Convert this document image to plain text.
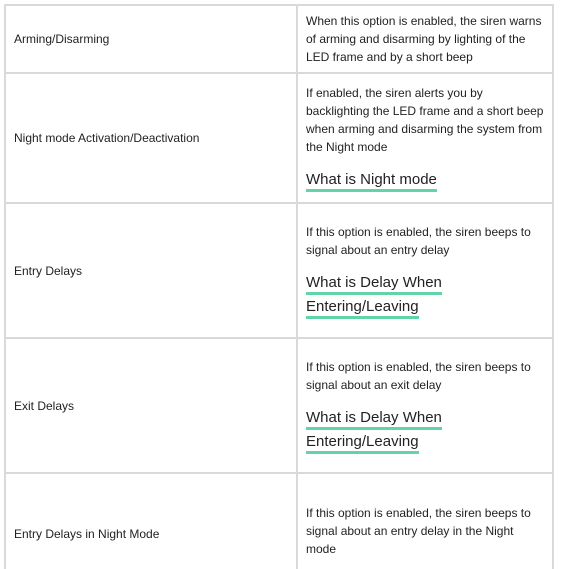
Arming/Disarming	When this option is enabled, the siren warns of arming and disarming by lighting of the LED frame and by a short beep

Night mode Activation/Deactivation	If enabled, the siren alerts you by backlighting the LED frame and a short beep when arming and disarming the system from the Night mode

What is Night mode

Entry Delays	If this option is enabled, the siren beeps to signal about an entry delay

What is Delay When
Entering/Leaving

Exit Delays	If this option is enabled, the siren beeps to signal about an exit delay

What is Delay When
Entering/Leaving

Entry Delays in Night Mode	If this option is enabled, the siren beeps to signal about an entry delay in the Night mode
